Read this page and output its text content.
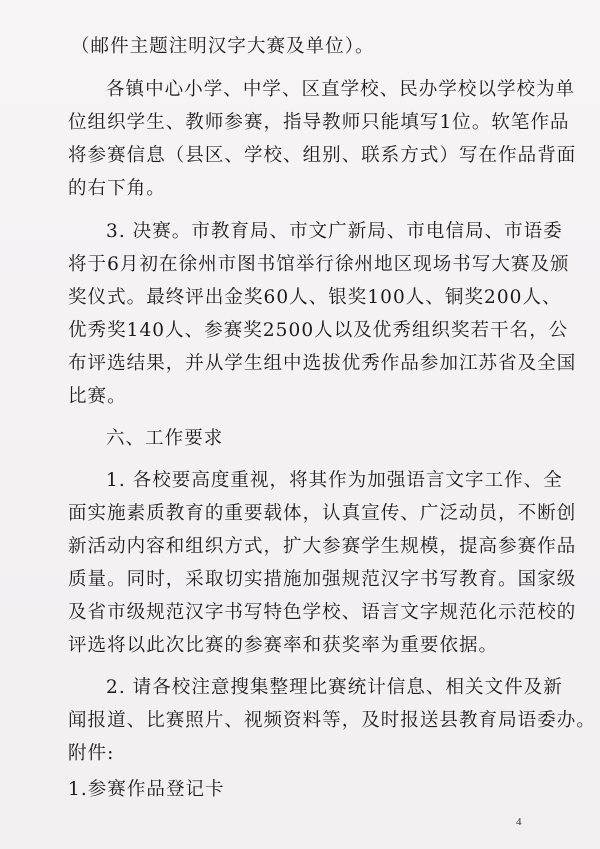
（邮件主题注明汉字大赛及单位）。
各镇中心小学、中学、区直学校、民办学校以学校为单
位组织学生、教师参赛，指导教师只能填写1位。软笔作品
将参赛信息（县区、学校、组别、联系方式）写在作品背面
的右下角。
3. 决赛。市教育局、市文广新局、市电信局、市语委
将于6月初在徐州市图书馆举行徐州地区现场书写大赛及颁
奖仪式。最终评出金奖60人、银奖100人、铜奖200人、
优秀奖140人、参赛奖2500人以及优秀组织奖若干名，公
布评选结果，并从学生组中选拔优秀作品参加江苏省及全国
比赛。
六、工作要求
1. 各校要高度重视，将其作为加强语言文字工作、全
面实施素质教育的重要载体，认真宣传、广泛动员，不断创
新活动内容和组织方式，扩大参赛学生规模，提高参赛作品
质量。同时，采取切实措施加强规范汉字书写教育。国家级
及省市级规范汉字书写特色学校、语言文字规范化示范校的
评选将以此次比赛的参赛率和获奖率为重要依据。
2. 请各校注意搜集整理比赛统计信息、相关文件及新
闻报道、比赛照片、视频资料等，及时报送县教育局语委办。
附件:
1.参赛作品登记卡
4
